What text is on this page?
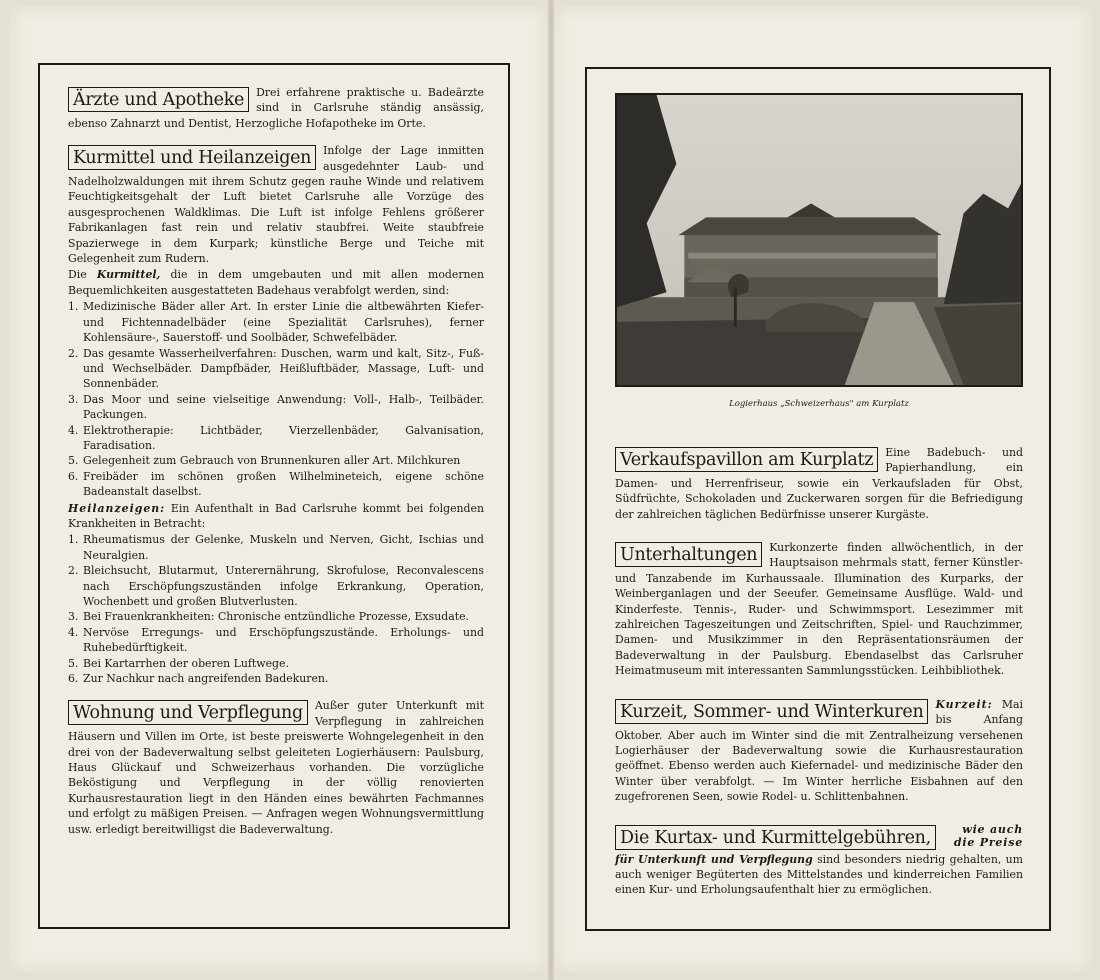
Ärzte und Apotheke	Drei erfahrene praktische u. Badeärzte sind in Carlsruhe ständig ansässig, ebenso Zahnarzt und Dentist, Herzogliche Hofapotheke im Orte.

Kurmittel und Heilanzeigen	Infolge der Lage inmitten ausgedehnter Laub- und Nadelholzwaldungen mit ihrem Schutz gegen rauhe Winde und relativem Feuchtigkeitsgehalt der Luft bietet Carlsruhe alle Vorzüge des ausgesprochenen Waldklimas. Die Luft ist infolge Fehlens größerer Fabrikanlagen fast rein und relativ staubfrei. Weite staubfreie Spazierwege in dem Kurpark; künstliche Berge und Teiche mit Gelegenheit zum Rudern.

Die Kurmittel, die in dem umgebauten und mit allen modernen Bequemlichkeiten ausgestatteten Badehaus verabfolgt werden, sind:

1. Medizinische Bäder aller Art. In erster Linie die altbewährten Kiefer- und Fichtennadelbäder (eine Spezialität Carlsruhes), ferner Kohlensäure-, Sauerstoff- und Soolbäder, Schwefelbäder.
2. Das gesamte Wasserheilverfahren: Duschen, warm und kalt, Sitz-, Fuß- und Wechselbäder. Dampfbäder, Heißluftbäder, Massage, Luft- und Sonnenbäder.
3. Das Moor und seine vielseitige Anwendung: Voll-, Halb-, Teilbäder. Packungen.
4. Elektrotherapie: Lichtbäder, Vierzellenbäder, Galvanisation, Faradisation.
5. Gelegenheit zum Gebrauch von Brunnenkuren aller Art. Milchkuren
6. Freibäder im schönen großen Wilhelmineteich, eigene schöne Badeanstalt daselbst.

Heilanzeigen: Ein Aufenthalt in Bad Carlsruhe kommt bei folgenden Krankheiten in Betracht:

1. Rheumatismus der Gelenke, Muskeln und Nerven, Gicht, Ischias und Neuralgien.
2. Bleichsucht, Blutarmut, Unterernährung, Skrofulose, Reconvalescens nach Erschöpfungszuständen infolge Erkrankung, Operation, Wochenbett und großen Blutverlusten.
3. Bei Frauenkrankheiten: Chronische entzündliche Prozesse, Exsudate.
4. Nervöse Erregungs- und Erschöpfungszustände. Erholungs- und Ruhebedürftigkeit.
5. Bei Kartarrhen der oberen Luftwege.
6. Zur Nachkur nach angreifenden Badekuren.

Wohnung und Verpflegung	Außer guter Unterkunft mit Verpflegung in zahlreichen Häusern und Villen im Orte, ist beste preiswerte Wohngelegenheit in den drei von der Badeverwaltung selbst geleiteten Logierhäusern: Paulsburg, Haus Glückauf und Schweizerhaus vorhanden. Die vorzügliche Beköstigung und Verpflegung in der völlig renovierten Kurhausrestauration liegt in den Händen eines bewährten Fachmannes und erfolgt zu mäßigen Preisen. — Anfragen wegen Wohnungsvermittlung usw. erledigt bereitwilligst die Badeverwaltung.

Logierhaus „Schweizerhaus" am Kurplatz

Verkaufspavillon am Kurplatz	Eine Badebuch- und Papierhandlung, ein Damen- und Herrenfriseur, sowie ein Verkaufsladen für Obst, Südfrüchte, Schokoladen und Zuckerwaren sorgen für die Befriedigung der zahlreichen täglichen Bedürfnisse unserer Kurgäste.

Unterhaltungen	Kurkonzerte finden allwöchentlich, in der Hauptsaison mehrmals statt, ferner Künstler- und Tanzabende im Kurhaussaale. Illumination des Kurparks, der Weinberganlagen und der Seeufer. Gemeinsame Ausflüge. Wald- und Kinderfeste. Tennis-, Ruder- und Schwimmsport. Lesezimmer mit zahlreichen Tageszeitungen und Zeitschriften, Spiel- und Rauchzimmer, Damen- und Musikzimmer in den Repräsentationsräumen der Badeverwaltung in der Paulsburg. Ebendaselbst das Carlsruher Heimatmuseum mit interessanten Sammlungsstücken. Leihbibliothek.

Kurzeit, Sommer- und Winterkuren	Kurzeit: Mai bis Anfang Oktober. Aber auch im Winter sind die mit Zentralheizung versehenen Logierhäuser der Badeverwaltung sowie die Kurhausrestauration geöffnet. Ebenso werden auch Kiefernadel- und medizinische Bäder den Winter über verabfolgt. — Im Winter herrliche Eisbahnen auf den zugefrorenen Seen, sowie Rodel- u. Schlittenbahnen.

Die Kurtax- und Kurmittelgebühren,	wie auch
die Preise
für Unterkunft und Verpflegung sind besonders niedrig gehalten, um auch weniger Begüterten des Mittelstandes und kinderreichen Familien einen Kur- und Erholungsaufenthalt hier zu ermöglichen.
